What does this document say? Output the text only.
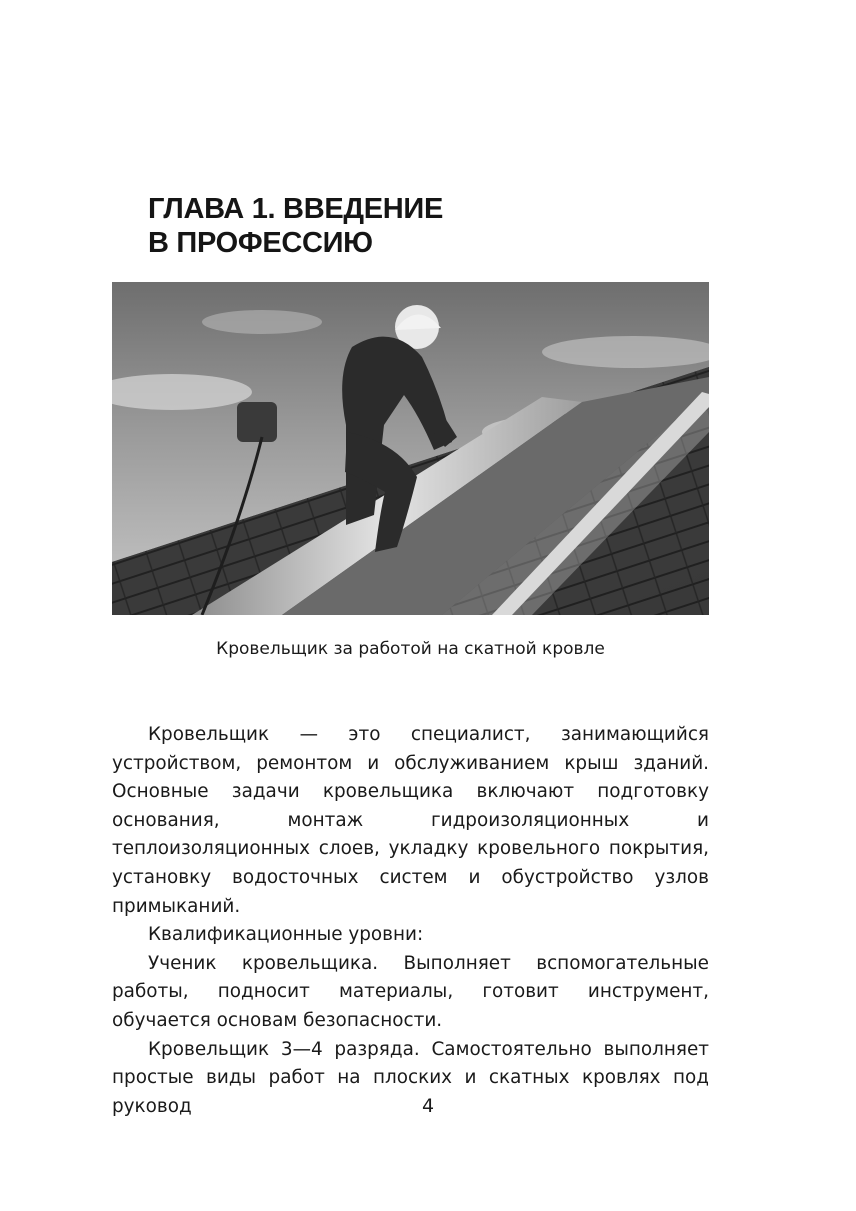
ГЛАВА 1. ВВЕДЕНИЕ
В ПРОФЕССИЮ
Кровельщик за работой на скатной кровле

Кровельщик — это специалист, занимающийся устройством, ремонтом и обслуживанием крыш зданий. Основные задачи кровельщика включают подготовку основания, монтаж гидроизоляционных и теплоизоляционных слоев, укладку кровельного покрытия, установку водосточных систем и обустройство узлов примыканий.

Квалификационные уровни:

Ученик кровельщика. Выполняет вспомогательные работы, подносит материалы, готовит инструмент, обучается основам безопасности.

Кровельщик 3—4 разряда. Самостоятельно выполняет простые виды работ на плоских и скатных кровлях под руковод	4
